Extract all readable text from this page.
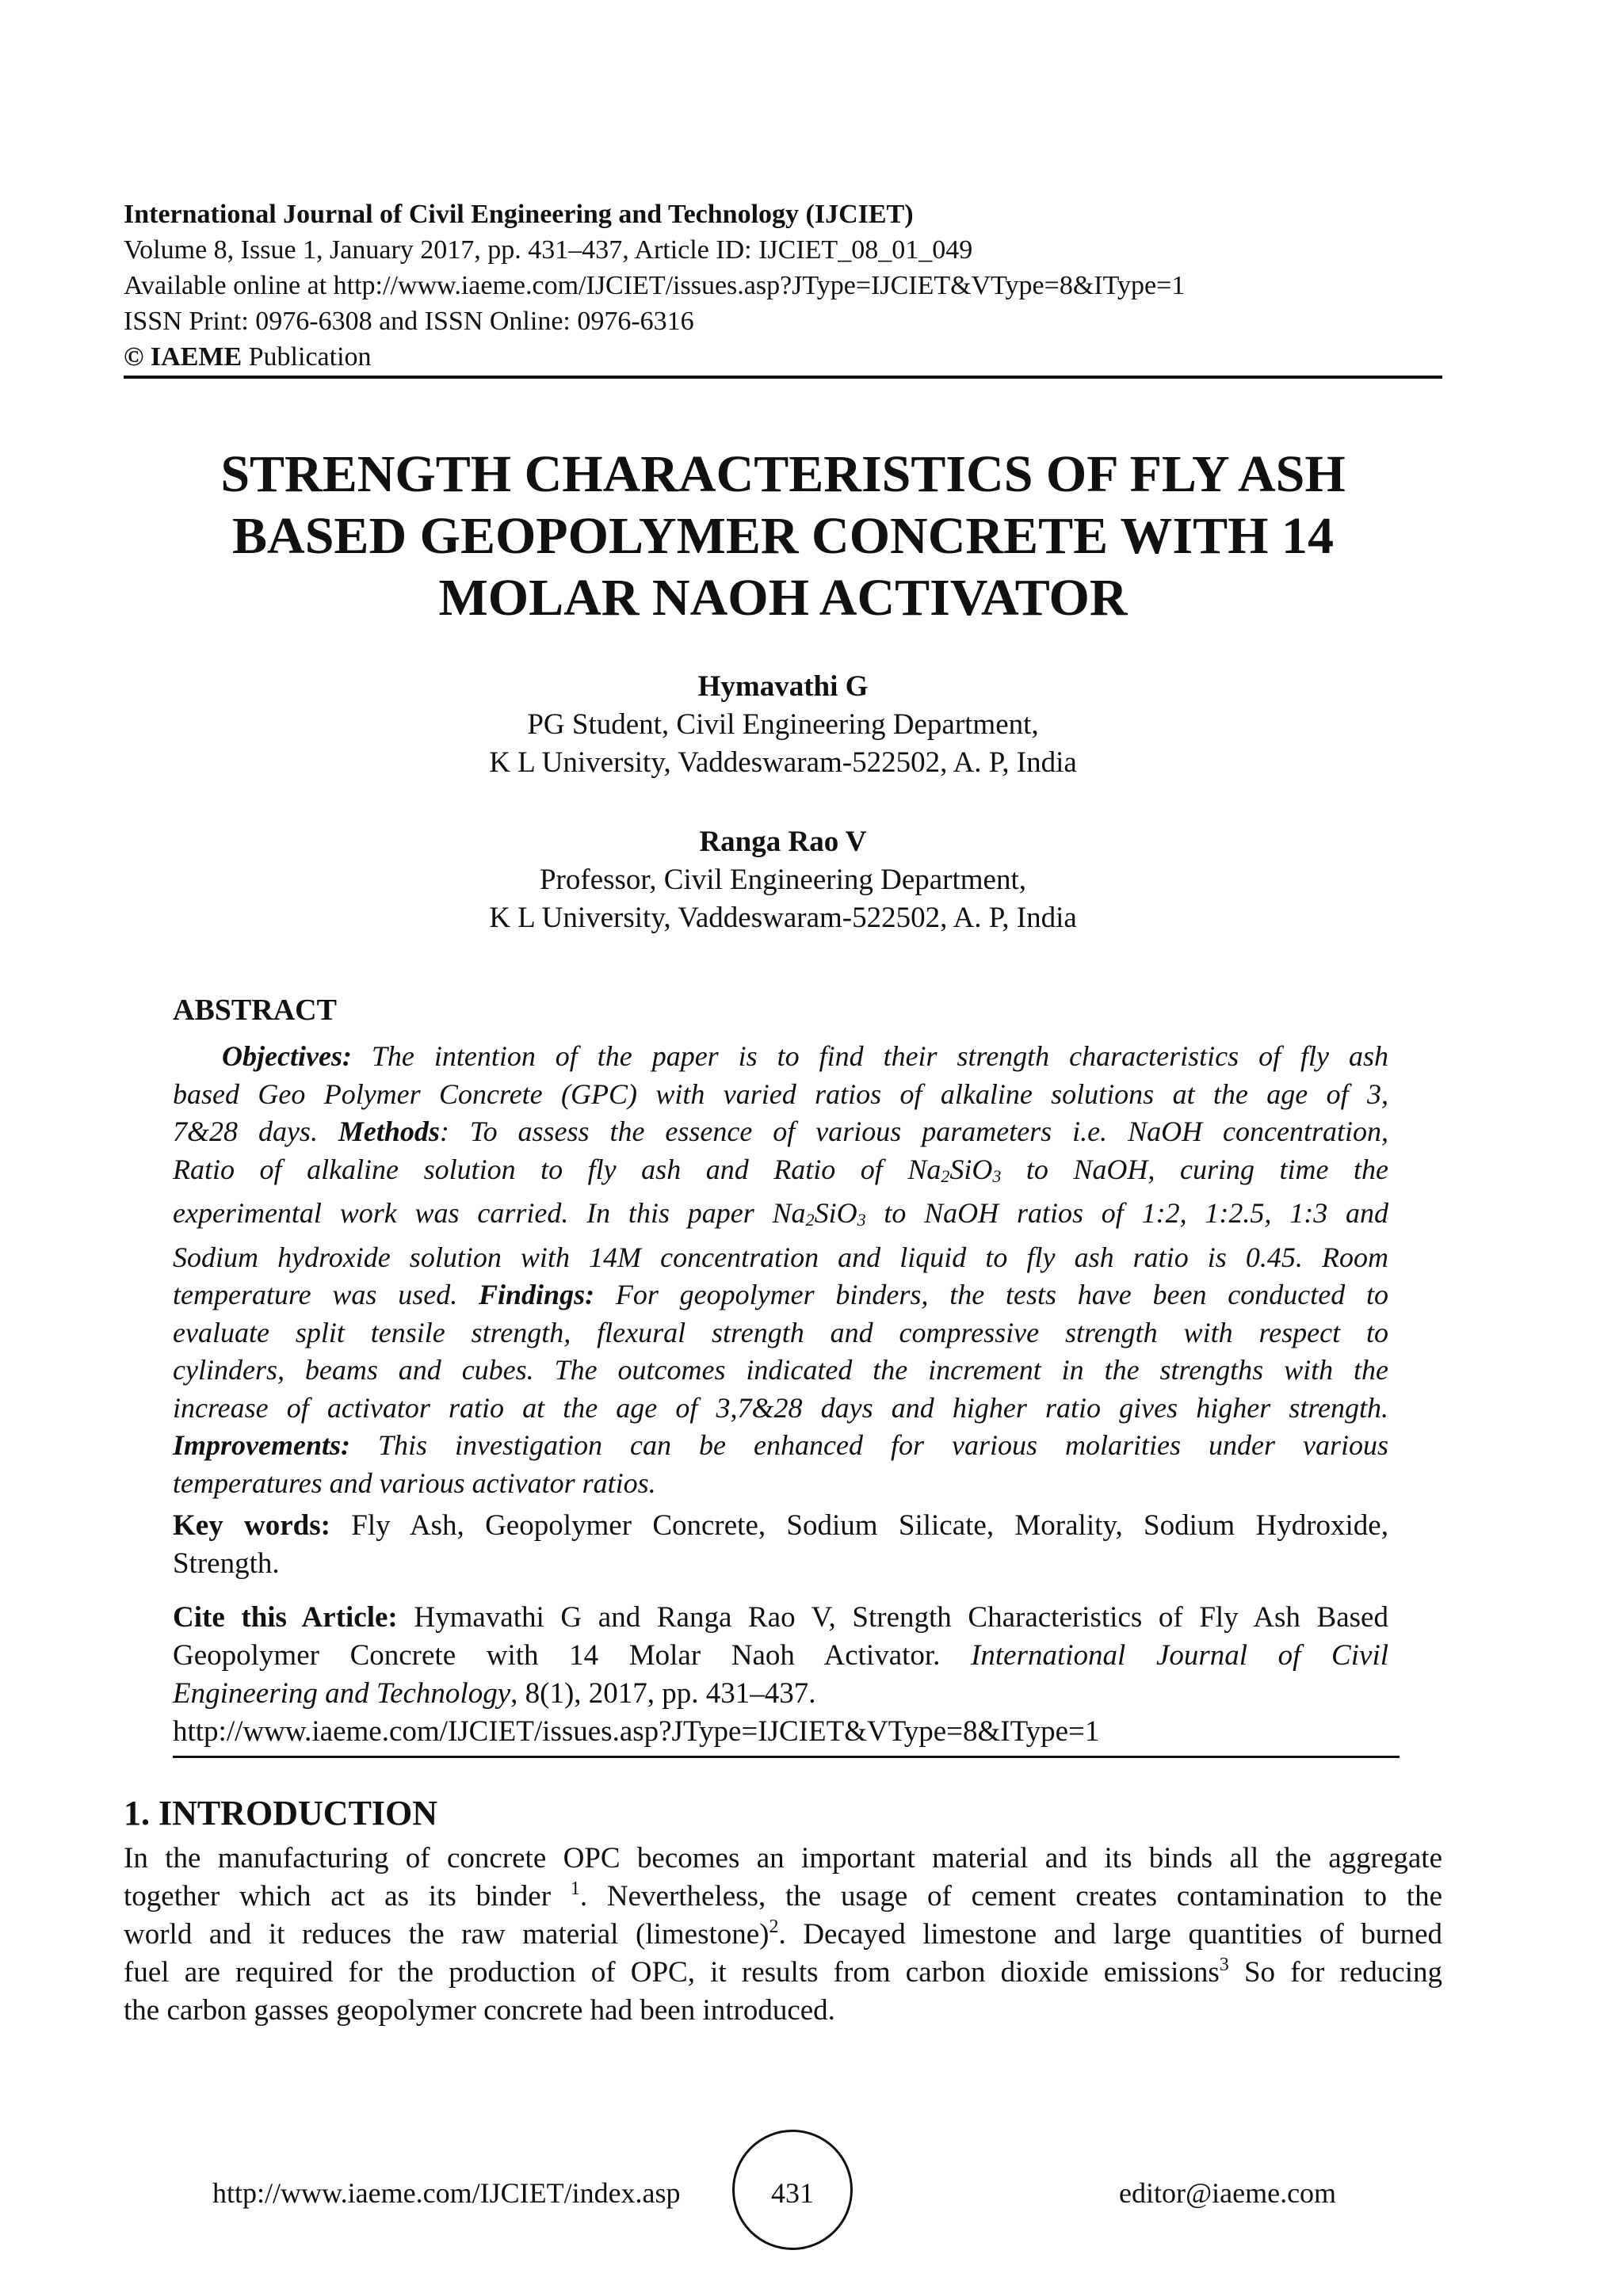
International Journal of Civil Engineering and Technology (IJCIET)
Volume 8, Issue 1, January 2017, pp. 431–437, Article ID: IJCIET_08_01_049
Available online at http://www.iaeme.com/IJCIET/issues.asp?JType=IJCIET&VType=8&IType=1
ISSN Print: 0976-6308 and ISSN Online: 0976-6316
© IAEME Publication
STRENGTH CHARACTERISTICS OF FLY ASH
BASED GEOPOLYMER CONCRETE WITH 14
MOLAR NAOH ACTIVATOR
Hymavathi G
PG Student, Civil Engineering Department,
K L University, Vaddeswaram-522502, A. P, India
Ranga Rao V
Professor, Civil Engineering Department,
K L University, Vaddeswaram-522502, A. P, India
ABSTRACT
Objectives: The intention of the paper is to find their strength characteristics of fly ash
based Geo Polymer Concrete (GPC) with varied ratios of alkaline solutions at the age of 3,
7&28 days. Methods: To assess the essence of various parameters i.e. NaOH concentration,
Ratio of alkaline solution to fly ash and Ratio of $Na_2SiO_3$ to NaOH, curing time the
experimental work was carried. In this paper $Na_2SiO_3$ to NaOH ratios of 1:2, 1:2.5, 1:3 and
Sodium hydroxide solution with 14M concentration and liquid to fly ash ratio is 0.45. Room
temperature was used. Findings: For geopolymer binders, the tests have been conducted to
evaluate split tensile strength, flexural strength and compressive strength with respect to
cylinders, beams and cubes. The outcomes indicated the increment in the strengths with the
increase of activator ratio at the age of 3,7&28 days and higher ratio gives higher strength.
Improvements: This investigation can be enhanced for various molarities under various
temperatures and various activator ratios.
Key words: Fly Ash, Geopolymer Concrete, Sodium Silicate, Morality, Sodium Hydroxide,
Strength.
Cite this Article: Hymavathi G and Ranga Rao V, Strength Characteristics of Fly Ash Based
Geopolymer Concrete with 14 Molar Naoh Activator. International Journal of Civil
Engineering and Technology, 8(1), 2017, pp. 431–437.
http://www.iaeme.com/IJCIET/issues.asp?JType=IJCIET&VType=8&IType=1
1. INTRODUCTION
In the manufacturing of concrete OPC becomes an important material and its binds all the aggregate
together which act as its binder $^1$. Nevertheless, the usage of cement creates contamination to the
world and it reduces the raw material (limestone)$^2$. Decayed limestone and large quantities of burned
fuel are required for the production of OPC, it results from carbon dioxide emissions$^3$ So for reducing
the carbon gasses geopolymer concrete had been introduced.
http://www.iaeme.com/IJCIET/index.asp	431	editor@iaeme.com
